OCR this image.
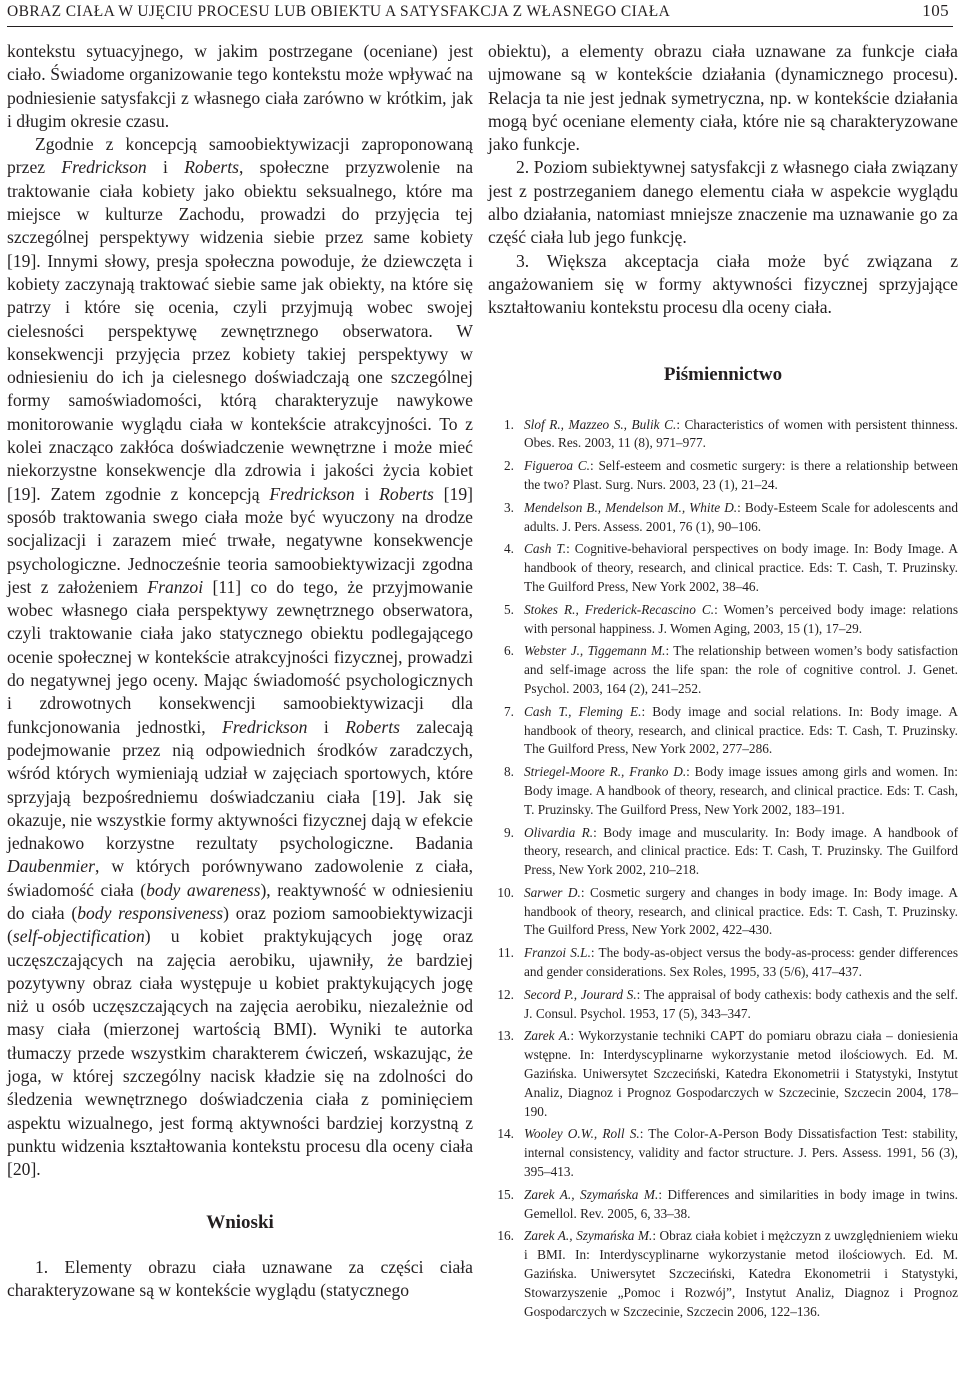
OBRAZ CIAŁA W UJĘCIU PROCESU LUB OBIEKTU A SATYSFAKCJA Z WŁASNEGO CIAŁA	105

kontekstu sytuacyjnego, w jakim postrzegane (oceniane) jest ciało. Świadome organizowanie tego kontekstu może wpływać na podniesienie satysfakcji z własnego ciała zarówno w krótkim, jak i długim okresie czasu.

Zgodnie z koncepcją samoobiektywizacji zaproponowaną przez Fredrickson i Roberts, społeczne przyzwolenie na traktowanie ciała kobiety jako obiektu seksualnego, które ma miejsce w kulturze Zachodu, prowadzi do przyjęcia tej szczególnej perspektywy widzenia siebie przez same kobiety [19]. Innymi słowy, presja społeczna powoduje, że dziewczęta i kobiety zaczynają traktować siebie same jak obiekty, na które się patrzy i które się ocenia, czyli przyjmują wobec swojej cielesności perspektywę zewnętrznego obserwatora. W konsekwencji przyjęcia przez kobiety takiej perspektywy w odniesieniu do ich ja cielesnego doświadczają one szczególnej formy samoświadomości, którą charakteryzuje nawykowe monitorowanie wyglądu ciała w kontekście atrakcyjności. To z kolei znacząco zakłóca doświadczenie wewnętrzne i może mieć niekorzystne konsekwencje dla zdrowia i jakości życia kobiet [19]. Zatem zgodnie z koncepcją Fredrickson i Roberts [19] sposób traktowania swego ciała może być wyuczony na drodze socjalizacji i zarazem mieć trwałe, negatywne konsekwencje psychologiczne. Jednocześnie teoria samoobiektywizacji zgodna jest z założeniem Franzoi [11] co do tego, że przyjmowanie wobec własnego ciała perspektywy zewnętrznego obserwatora, czyli traktowanie ciała jako statycznego obiektu podlegającego ocenie społecznej w kontekście atrakcyjności fizycznej, prowadzi do negatywnej jego oceny. Mając świadomość psychologicznych i zdrowotnych konsekwencji samoobiektywizacji dla funkcjonowania jednostki, Fredrickson i Roberts zalecają podejmowanie przez nią odpowiednich środków zaradczych, wśród których wymieniają udział w zajęciach sportowych, które sprzyjają bezpośredniemu doświadczaniu ciała [19]. Jak się okazuje, nie wszystkie formy aktywności fizycznej dają w efekcie jednakowo korzystne rezultaty psychologiczne. Badania Daubenmier, w których porównywano zadowolenie z ciała, świadomość ciała (body awareness), reaktywność w odniesieniu do ciała (body responsiveness) oraz poziom samoobiektywizacji (self-objectification) u kobiet praktykujących jogę oraz uczęszczających na zajęcia aerobiku, ujawniły, że bardziej pozytywny obraz ciała występuje u kobiet praktykujących jogę niż u osób uczęszczających na zajęcia aerobiku, niezależnie od masy ciała (mierzonej wartością BMI). Wyniki te autorka tłumaczy przede wszystkim charakterem ćwiczeń, wskazując, że joga, w której szczególny nacisk kładzie się na zdolności do śledzenia wewnętrznego doświadczenia ciała z pominięciem aspektu wizualnego, jest formą aktywności bardziej korzystną z punktu widzenia kształtowania kontekstu procesu dla oceny ciała [20].

Wnioski

1. Elementy obrazu ciała uznawane za części ciała charakteryzowane są w kontekście wyglądu (statycznego

obiektu), a elementy obrazu ciała uznawane za funkcje ciała ujmowane są w kontekście działania (dynamicznego procesu). Relacja ta nie jest jednak symetryczna, np. w kontekście działania mogą być oceniane elementy ciała, które nie są charakteryzowane jako funkcje.

2. Poziom subiektywnej satysfakcji z własnego ciała związany jest z postrzeganiem danego elementu ciała w aspekcie wyglądu albo działania, natomiast mniejsze znaczenie ma uznawanie go za część ciała lub jego funkcję.

3. Większa akceptacja ciała może być związana z angażowaniem się w formy aktywności fizycznej sprzyjające kształtowaniu kontekstu procesu dla oceny ciała.

Piśmiennictwo
1. Slof R., Mazzeo S., Bulik C.: Characteristics of women with persistent thinness. Obes. Res. 2003, 11 (8), 971–977.
2. Figueroa C.: Self-esteem and cosmetic surgery: is there a relationship between the two? Plast. Surg. Nurs. 2003, 23 (1), 21–24.
3. Mendelson B., Mendelson M., White D.: Body-Esteem Scale for adolescents and adults. J. Pers. Assess. 2001, 76 (1), 90–106.
4. Cash T.: Cognitive-behavioral perspectives on body image. In: Body Image. A handbook of theory, research, and clinical practice. Eds: T. Cash, T. Pruzinsky. The Guilford Press, New York 2002, 38–46.
5. Stokes R., Frederick-Recascino C.: Women’s perceived body image: relations with personal happiness. J. Women Aging, 2003, 15 (1), 17–29.
6. Webster J., Tiggemann M.: The relationship between women’s body satisfaction and self-image across the life span: the role of cognitive control. J. Genet. Psychol. 2003, 164 (2), 241–252.
7. Cash T., Fleming E.: Body image and social relations. In: Body image. A handbook of theory, research, and clinical practice. Eds: T. Cash, T. Pruzinsky. The Guilford Press, New York 2002, 277–286.
8. Striegel-Moore R., Franko D.: Body image issues among girls and women. In: Body image. A handbook of theory, research, and clinical practice. Eds: T. Cash, T. Pruzinsky. The Guilford Press, New York 2002, 183–191.
9. Olivardia R.: Body image and muscularity. In: Body image. A handbook of theory, research, and clinical practice. Eds: T. Cash, T. Pruzinsky. The Guilford Press, New York 2002, 210–218.
10. Sarwer D.: Cosmetic surgery and changes in body image. In: Body image. A handbook of theory, research, and clinical practice. Eds: T. Cash, T. Pruzinsky. The Guilford Press, New York 2002, 422–430.
11. Franzoi S.L.: The body-as-object versus the body-as-process: gender differences and gender considerations. Sex Roles, 1995, 33 (5/6), 417–437.
12. Secord P., Jourard S.: The appraisal of body cathexis: body cathexis and the self. J. Consul. Psychol. 1953, 17 (5), 343–347.
13. Zarek A.: Wykorzystanie techniki CAPT do pomiaru obrazu ciała – doniesienia wstępne. In: Interdyscyplinarne wykorzystanie metod ilościowych. Ed. M. Gazińska. Uniwersytet Szczeciński, Katedra Ekonometrii i Statystyki, Instytut Analiz, Diagnoz i Prognoz Gospodarczych w Szczecinie, Szczecin 2004, 178–190.
14. Wooley O.W., Roll S.: The Color-A-Person Body Dissatisfaction Test: stability, internal consistency, validity and factor structure. J. Pers. Assess. 1991, 56 (3), 395–413.
15. Zarek A., Szymańska M.: Differences and similarities in body image in twins. Gemellol. Rev. 2005, 6, 33–38.
16. Zarek A., Szymańska M.: Obraz ciała kobiet i mężczyzn z uwzględnieniem wieku i BMI. In: Interdyscyplinarne wykorzystanie metod ilościowych. Ed. M. Gazińska. Uniwersytet Szczeciński, Katedra Ekonometrii i Statystyki, Stowarzyszenie „Pomoc i Rozwój”, Instytut Analiz, Diagnoz i Prognoz Gospodarczych w Szczecinie, Szczecin 2006, 122–136.
